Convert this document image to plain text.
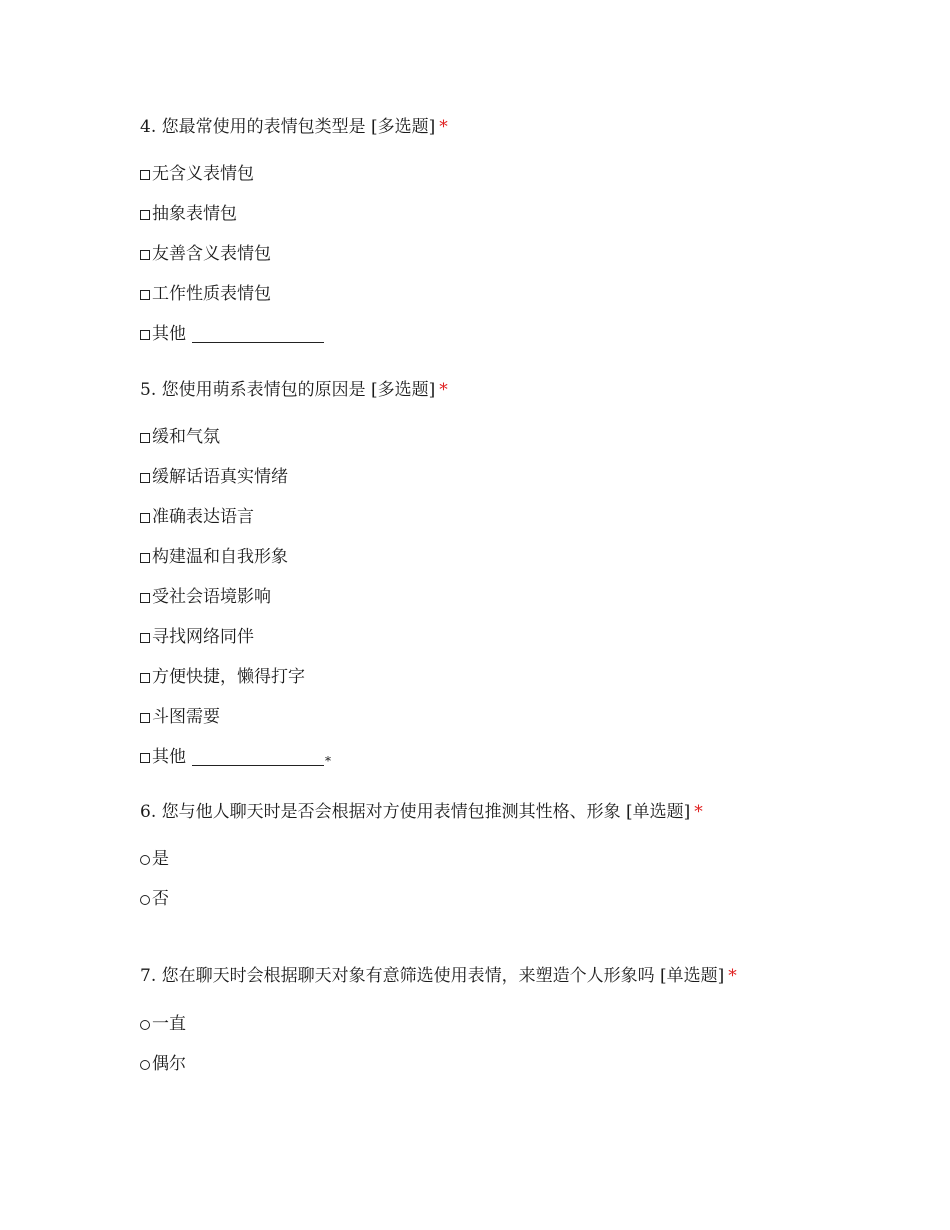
4. 您最常使用的表情包类型是 [多选题] *
无含义表情包
抽象表情包
友善含义表情包
工作性质表情包
其他
5. 您使用萌系表情包的原因是 [多选题] *
缓和气氛
缓解话语真实情绪
准确表达语言
构建温和自我形象
受社会语境影响
寻找网络同伴
方便快捷，懒得打字
斗图需要
其他	*
6. 您与他人聊天时是否会根据对方使用表情包推测其性格、形象 [单选题] *
是
否
7. 您在聊天时会根据聊天对象有意筛选使用表情，来塑造个人形象吗 [单选题] *
一直
偶尔
